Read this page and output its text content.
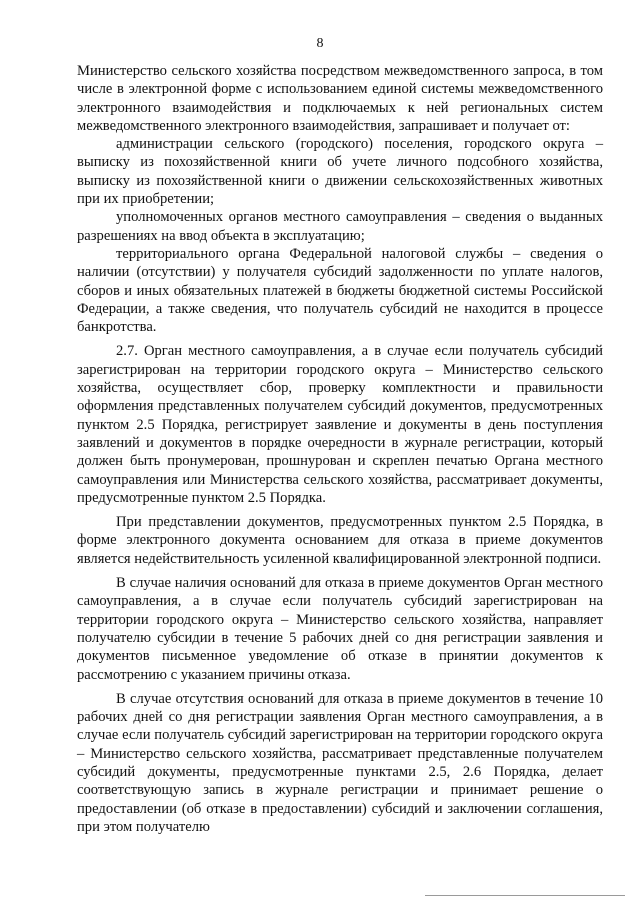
8

Министерство сельского хозяйства посредством межведомственного запроса, в том числе в электронной форме с использованием единой системы межведомственного электронного взаимодействия и подключаемых к ней региональных систем межведомственного электронного взаимодействия, запрашивает и получает от:

администрации сельского (городского) поселения, городского округа – выписку из похозяйственной книги об учете личного подсобного хозяйства, выписку из похозяйственной книги о движении сельскохозяйственных животных при их приобретении;

уполномоченных органов местного самоуправления – сведения о выданных разрешениях на ввод объекта в эксплуатацию;

территориального органа Федеральной налоговой службы – сведения о наличии (отсутствии) у получателя субсидий задолженности по уплате налогов, сборов и иных обязательных платежей в бюджеты бюджетной системы Российской Федерации, а также сведения, что получатель субсидий не находится в процессе банкротства.

2.7. Орган местного самоуправления, а в случае если получатель субсидий зарегистрирован на территории городского округа – Министерство сельского хозяйства, осуществляет сбор, проверку комплектности и правильности оформления представленных получателем субсидий документов, предусмотренных пунктом 2.5 Порядка, регистрирует заявление и документы в день поступления заявлений и документов в порядке очередности в журнале регистрации, который должен быть пронумерован, прошнурован и скреплен печатью Органа местного самоуправления или Министерства сельского хозяйства, рассматривает документы, предусмотренные пунктом 2.5 Порядка.

При представлении документов, предусмотренных пунктом 2.5 Порядка, в форме электронного документа основанием для отказа в приеме документов является недействительность усиленной квалифицированной электронной подписи.

В случае наличия оснований для отказа в приеме документов Орган местного самоуправления, а в случае если получатель субсидий зарегистрирован на территории городского округа – Министерство сельского хозяйства, направляет получателю субсидии в течение 5 рабочих дней со дня регистрации заявления и документов письменное уведомление об отказе в принятии документов к рассмотрению с указанием причины отказа.

В случае отсутствия оснований для отказа в приеме документов в течение 10 рабочих дней со дня регистрации заявления Орган местного самоуправления, а в случае если получатель субсидий зарегистрирован на территории городского округа – Министерство сельского хозяйства, рассматривает представленные получателем субсидий документы, предусмотренные пунктами 2.5, 2.6 Порядка, делает соответствующую запись в журнале регистрации и принимает решение о предоставлении (об отказе в предоставлении) субсидий и заключении соглашения, при этом получателю
